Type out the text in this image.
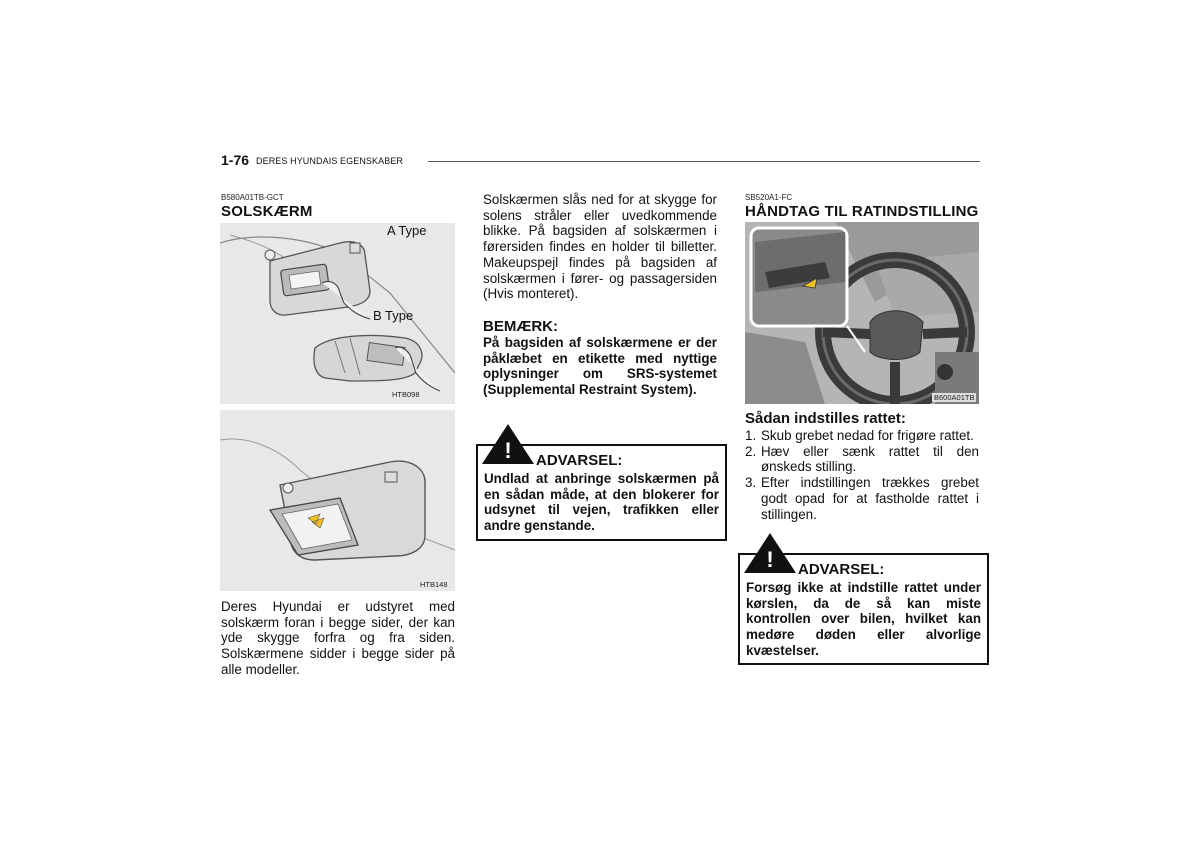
1-76 DERES HYUNDAIS EGENSKABER
B580A01TB-GCT
SOLSKÆRM
A Type
B Type
HTB098
HTB148
Deres Hyundai er udstyret med solskærm foran i begge sider, der kan yde skygge forfra og fra siden. Solskærmene sidder i begge sider på alle modeller.
Solskærmen slås ned for at skygge for solens stråler eller uvedkommende blikke. På bagsiden af solskærmen i førersiden findes en holder til billetter. Makeupspejl findes på bagsiden af solskærmen i fører- og passagersiden (Hvis monteret).
BEMÆRK:
På bagsiden af solskærmene er der påklæbet en etikette med nyttige oplysninger om SRS-systemet (Supplemental Restraint System).
! ADVARSEL:
Undlad at anbringe solskærmen på en sådan måde, at den blokerer for udsynet til vejen, trafikken eller andre genstande.
SB520A1-FC
HÅNDTAG TIL RATINDSTILLING
B600A01TB
Sådan indstilles rattet:
1. Skub grebet nedad for frigøre rattet.
2. Hæv eller sænk rattet til den ønskeds stilling.
3. Efter indstillingen trækkes grebet godt opad for at fastholde rattet i stillingen.
! ADVARSEL:
Forsøg ikke at indstille rattet under kørslen, da de så kan miste kontrollen over bilen, hvilket kan medøre døden eller alvorlige kvæstelser.
